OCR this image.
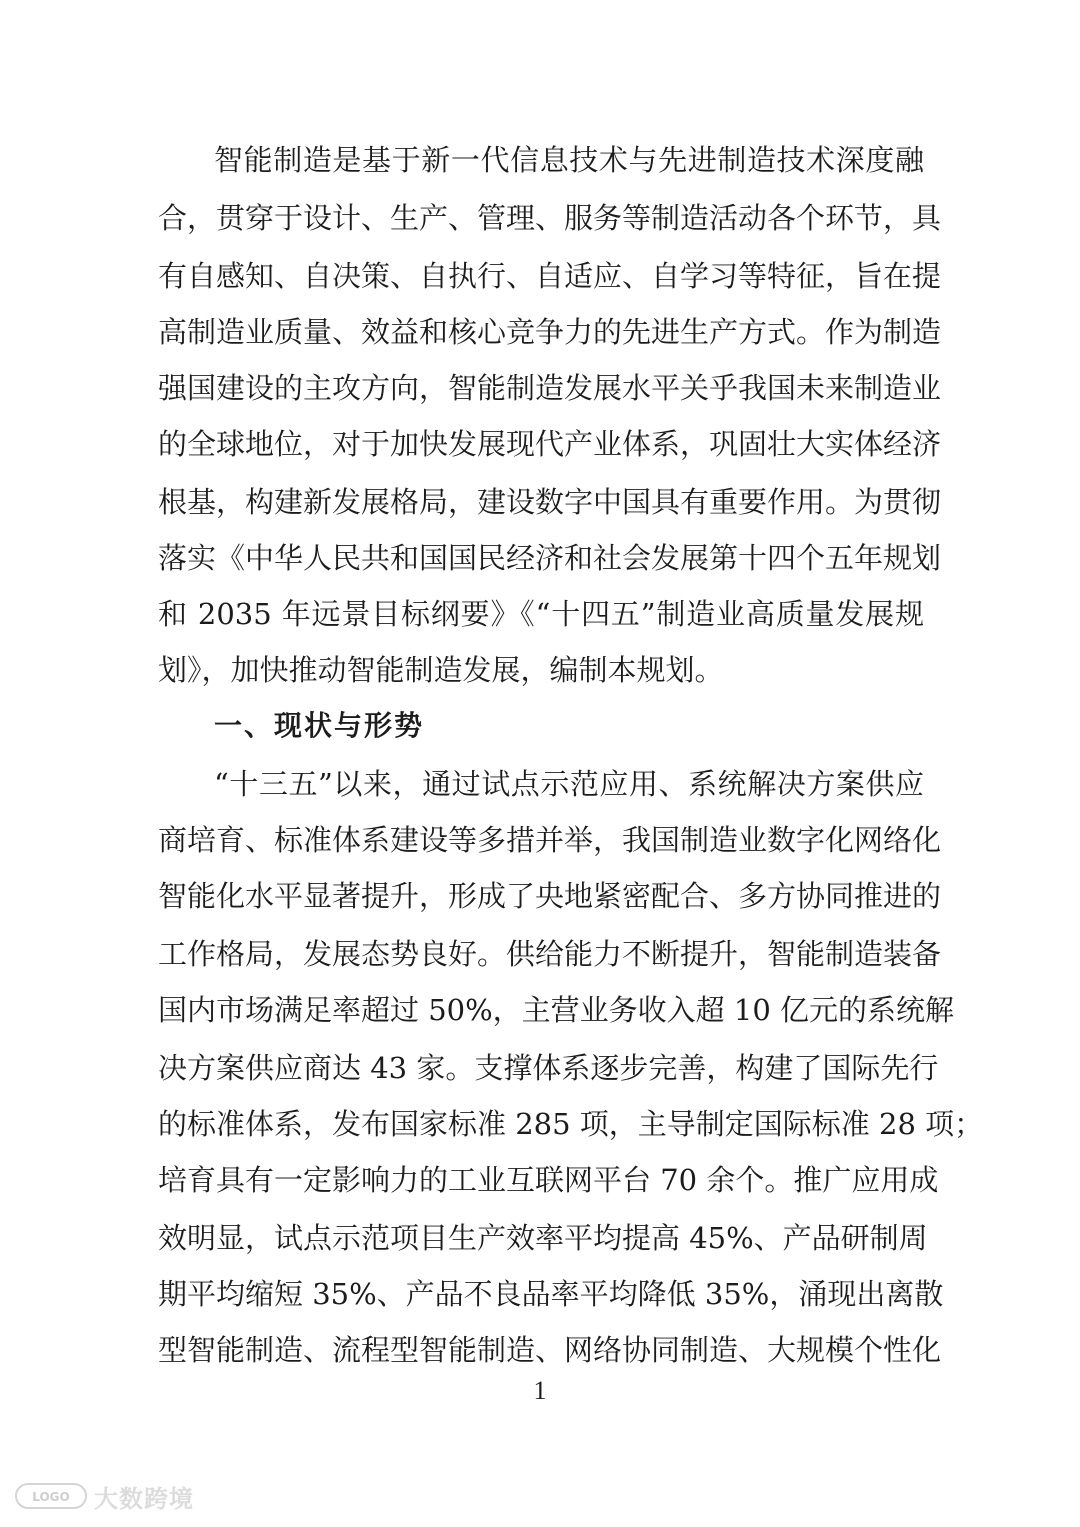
智能制造是基于新一代信息技术与先进制造技术深度融
合，贯穿于设计、生产、管理、服务等制造活动各个环节，具
有自感知、自决策、自执行、自适应、自学习等特征，旨在提
高制造业质量、效益和核心竞争力的先进生产方式。作为制造
强国建设的主攻方向，智能制造发展水平关乎我国未来制造业
的全球地位，对于加快发展现代产业体系，巩固壮大实体经济
根基，构建新发展格局，建设数字中国具有重要作用。为贯彻
落实《中华人民共和国国民经济和社会发展第十四个五年规划
和 2035 年远景目标纲要》《“十四五”制造业高质量发展规
划》，加快推动智能制造发展，编制本规划。
一、现状与形势
“十三五”以来，通过试点示范应用、系统解决方案供应
商培育、标准体系建设等多措并举，我国制造业数字化网络化
智能化水平显著提升，形成了央地紧密配合、多方协同推进的
工作格局，发展态势良好。供给能力不断提升，智能制造装备
国内市场满足率超过 50%，主营业务收入超 10 亿元的系统解
决方案供应商达 43 家。支撑体系逐步完善，构建了国际先行
的标准体系，发布国家标准 285 项，主导制定国际标准 28 项；
培育具有一定影响力的工业互联网平台 70 余个。推广应用成
效明显，试点示范项目生产效率平均提高 45%、产品研制周
期平均缩短 35%、产品不良品率平均降低 35%，涌现出离散
型智能制造、流程型智能制造、网络协同制造、大规模个性化
1
LOGO 大数跨境
